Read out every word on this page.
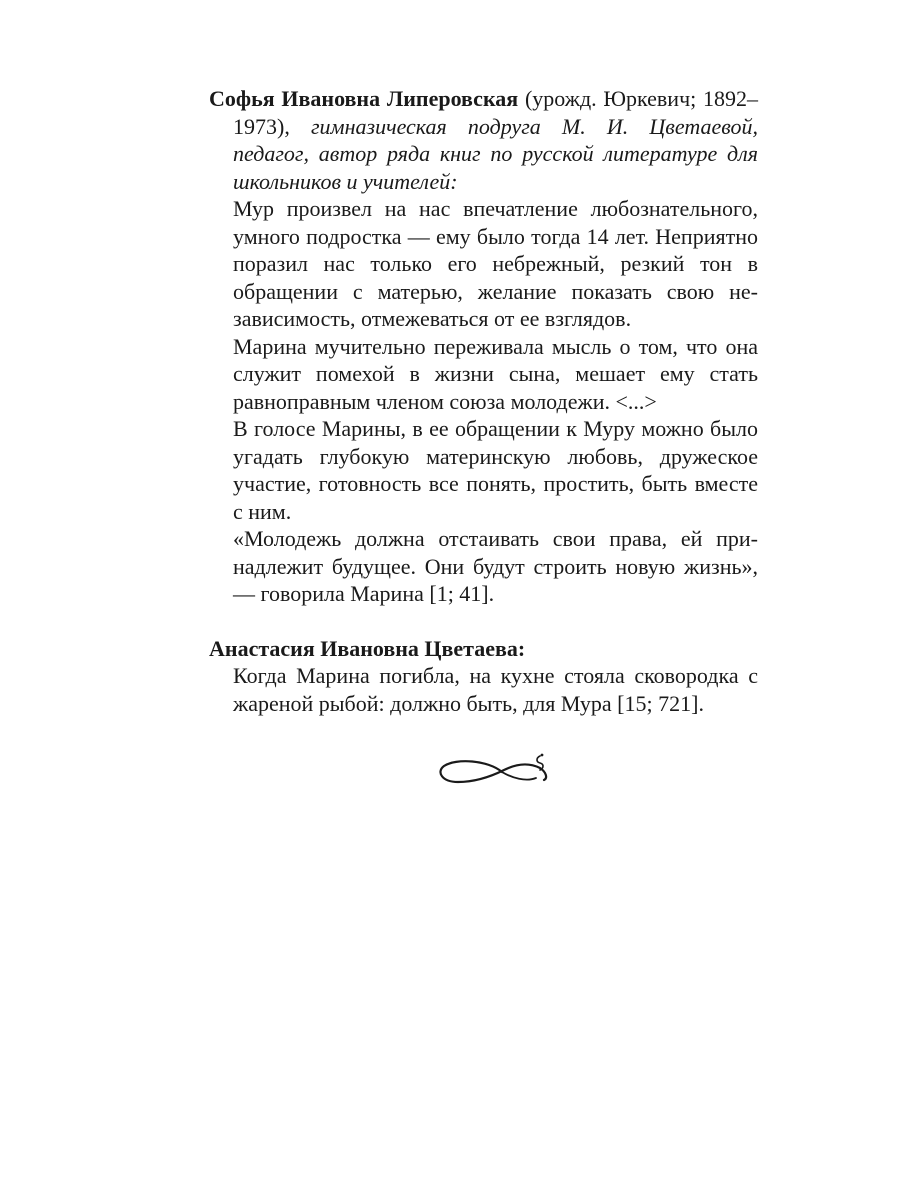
Софья Ивановна Липеровская (урожд. Юркевич; 1892–1973), гимназическая подруга М. И. Цветаевой, педагог, автор ряда книг по русской литературе для школьников и учителей:

Мур произвел на нас впечатление любознательного, умного подростка — ему было тогда 14 лет. Неприятно поразил нас только его небрежный, резкий тон в обращении с матерью, желание показать свою независимость, отмежеваться от ее взглядов.

Марина мучительно переживала мысль о том, что она служит помехой в жизни сына, мешает ему стать равноправным членом союза молодежи. <...>

В голосе Марины, в ее обращении к Муру можно было угадать глубокую материнскую любовь, дружеское участие, готовность все понять, простить, быть вместе с ним.

«Молодежь должна отстаивать свои права, ей принадлежит будущее. Они будут строить новую жизнь», — говорила Марина [1; 41].

Анастасия Ивановна Цветаева:

Когда Марина погибла, на кухне стояла сковородка с жареной рыбой: должно быть, для Мура [15; 721].
